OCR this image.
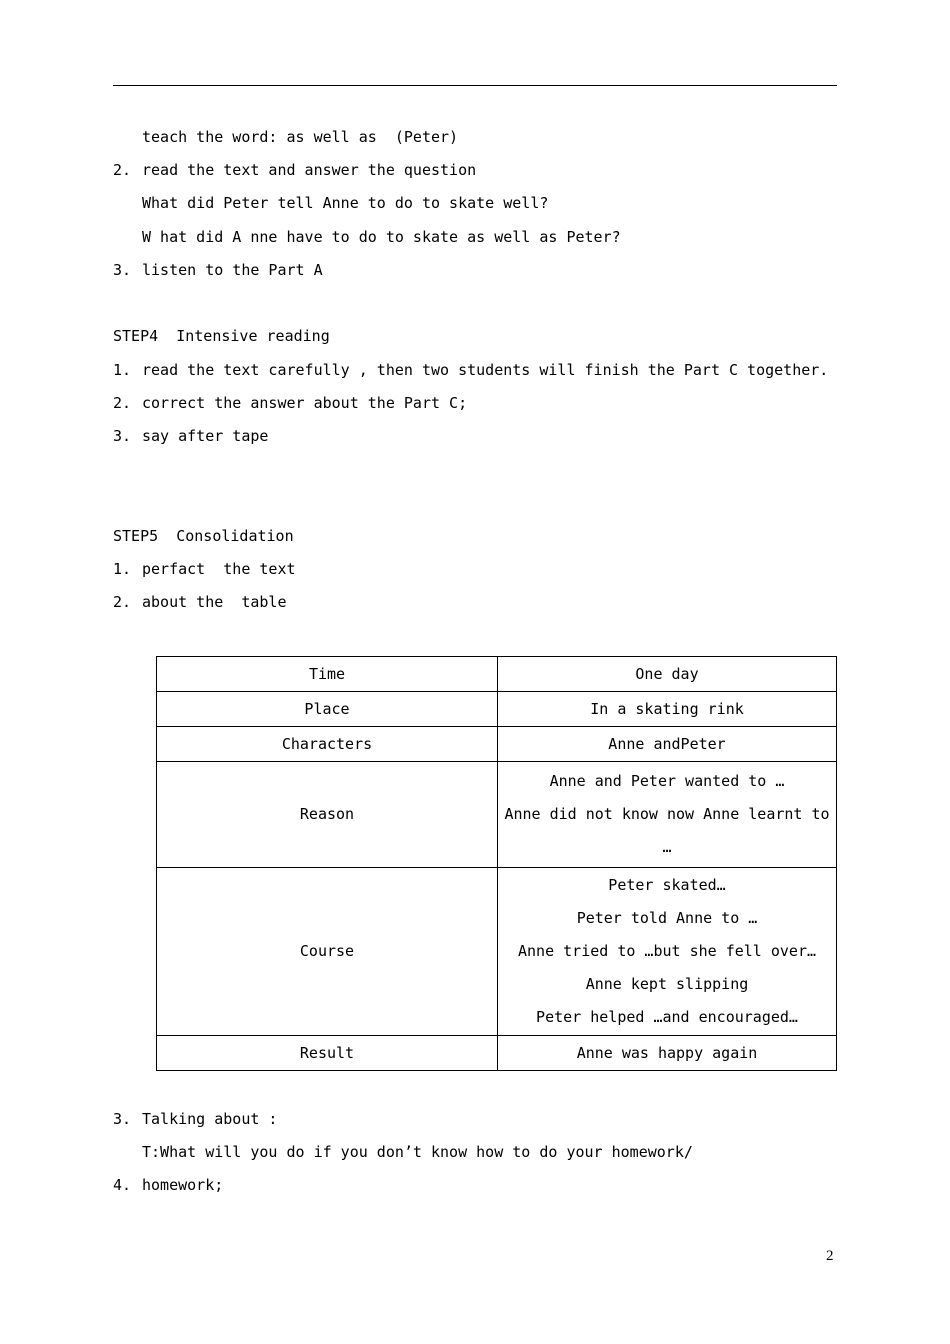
teach the word: as well as  (Peter)
2. read the text and answer the question
What did Peter tell Anne to do to skate well?
W hat did A nne have to do to skate as well as Peter?
3. listen to the Part A
STEP4  Intensive reading
1. read the text carefully , then two students will finish the Part C together.
2. correct the answer about the Part C;
3. say after tape
STEP5  Consolidation
1. perfact  the text
2. about the  table
Time	One day

Place	In a skating rink

Characters	Anne andPeter

Reason	Anne and Peter wanted to …
Anne did not know now Anne learnt to
…

Course	Peter skated…
Peter told Anne to …
Anne tried to …but she fell over…
Anne kept slipping
Peter helped …and encouraged…

Result	Anne was happy again
3. Talking about :
T:What will you do if you don’t know how to do your homework/
4. homework;
2
